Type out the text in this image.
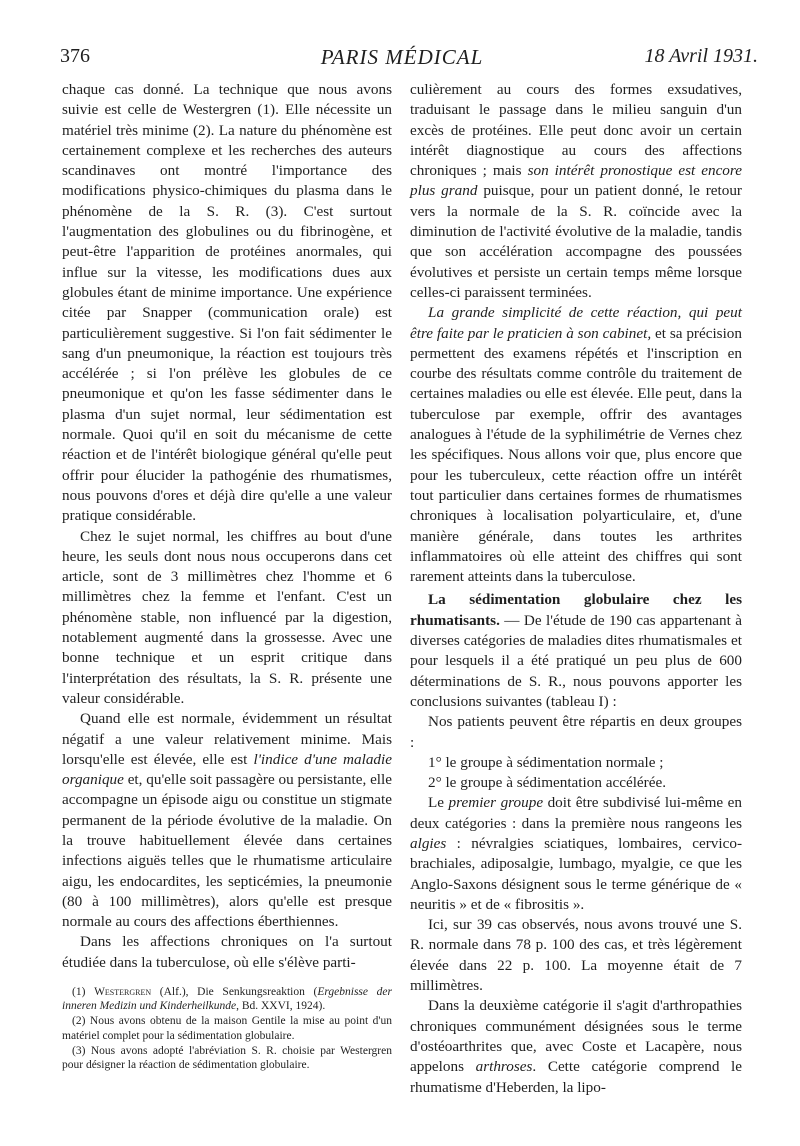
376	PARIS MÉDICAL	18 Avril 1931.

chaque cas donné. La technique que nous avons suivie est celle de Westergren (1). Elle nécessite un matériel très minime (2). La nature du phénomène est certainement complexe et les recherches des auteurs scandinaves ont montré l'importance des modifications physico-chimiques du plasma dans le phénomène de la S. R. (3). C'est surtout l'augmentation des globulines ou du fibrinogène, et peut-être l'apparition de protéines anormales, qui influe sur la vitesse, les modifications dues aux globules étant de minime importance. Une expérience citée par Snapper (communication orale) est particulièrement suggestive. Si l'on fait sédimenter le sang d'un pneumonique, la réaction est toujours très accélérée ; si l'on prélève les globules de ce pneumonique et qu'on les fasse sédimenter dans le plasma d'un sujet normal, leur sédimentation est normale. Quoi qu'il en soit du mécanisme de cette réaction et de l'intérêt biologique général qu'elle peut offrir pour élucider la pathogénie des rhumatismes, nous pouvons d'ores et déjà dire qu'elle a une valeur pratique considérable.

Chez le sujet normal, les chiffres au bout d'une heure, les seuls dont nous nous occuperons dans cet article, sont de 3 millimètres chez l'homme et 6 millimètres chez la femme et l'enfant. C'est un phénomène stable, non influencé par la digestion, notablement augmenté dans la grossesse. Avec une bonne technique et un esprit critique dans l'interprétation des résultats, la S. R. présente une valeur considérable.

Quand elle est normale, évidemment un résultat négatif a une valeur relativement minime. Mais lorsqu'elle est élevée, elle est l'indice d'une maladie organique et, qu'elle soit passagère ou persistante, elle accompagne un épisode aigu ou constitue un stigmate permanent de la période évolutive de la maladie. On la trouve habituellement élevée dans certaines infections aiguës telles que le rhumatisme articulaire aigu, les endocardites, les septicémies, la pneumonie (80 à 100 millimètres), alors qu'elle est presque normale au cours des affections éberthiennes.

Dans les affections chroniques on l'a surtout étudiée dans la tuberculose, où elle s'élève parti-

(1) Westergren (Alf.), Die Senkungsreaktion (Ergebnisse der inneren Medizin und Kinderheilkunde, Bd. XXVI, 1924).

(2) Nous avons obtenu de la maison Gentile la mise au point d'un matériel complet pour la sédimentation globulaire.

(3) Nous avons adopté l'abréviation S. R. choisie par Westergren pour désigner la réaction de sédimentation globulaire.

culièrement au cours des formes exsudatives, traduisant le passage dans le milieu sanguin d'un excès de protéines. Elle peut donc avoir un certain intérêt diagnostique au cours des affections chroniques ; mais son intérêt pronostique est encore plus grand puisque, pour un patient donné, le retour vers la normale de la S. R. coïncide avec la diminution de l'activité évolutive de la maladie, tandis que son accélération accompagne des poussées évolutives et persiste un certain temps même lorsque celles-ci paraissent terminées.

La grande simplicité de cette réaction, qui peut être faite par le praticien à son cabinet, et sa précision permettent des examens répétés et l'inscription en courbe des résultats comme contrôle du traitement de certaines maladies ou elle est élevée. Elle peut, dans la tuberculose par exemple, offrir des avantages analogues à l'étude de la syphilimétrie de Vernes chez les spécifiques. Nous allons voir que, plus encore que pour les tuberculeux, cette réaction offre un intérêt tout particulier dans certaines formes de rhumatismes chroniques à localisation polyarticulaire, et, d'une manière générale, dans toutes les arthrites inflammatoires où elle atteint des chiffres qui sont rarement atteints dans la tuberculose.

La sédimentation globulaire chez les rhumatisants. — De l'étude de 190 cas appartenant à diverses catégories de maladies dites rhumatismales et pour lesquels il a été pratiqué un peu plus de 600 déterminations de S. R., nous pouvons apporter les conclusions suivantes (tableau I) :

Nos patients peuvent être répartis en deux groupes :

1° le groupe à sédimentation normale ;

2° le groupe à sédimentation accélérée.

Le premier groupe doit être subdivisé lui-même en deux catégories : dans la première nous rangeons les algies : névralgies sciatiques, lombaires, cervico-brachiales, adiposalgie, lumbago, myalgie, ce que les Anglo-Saxons désignent sous le terme générique de « neuritis » et de « fibrositis ».

Ici, sur 39 cas observés, nous avons trouvé une S. R. normale dans 78 p. 100 des cas, et très légèrement élevée dans 22 p. 100. La moyenne était de 7 millimètres.

Dans la deuxième catégorie il s'agit d'arthropathies chroniques communément désignées sous le terme d'ostéoarthrites que, avec Coste et Lacapère, nous appelons arthroses. Cette catégorie comprend le rhumatisme d'Heberden, la lipo-
